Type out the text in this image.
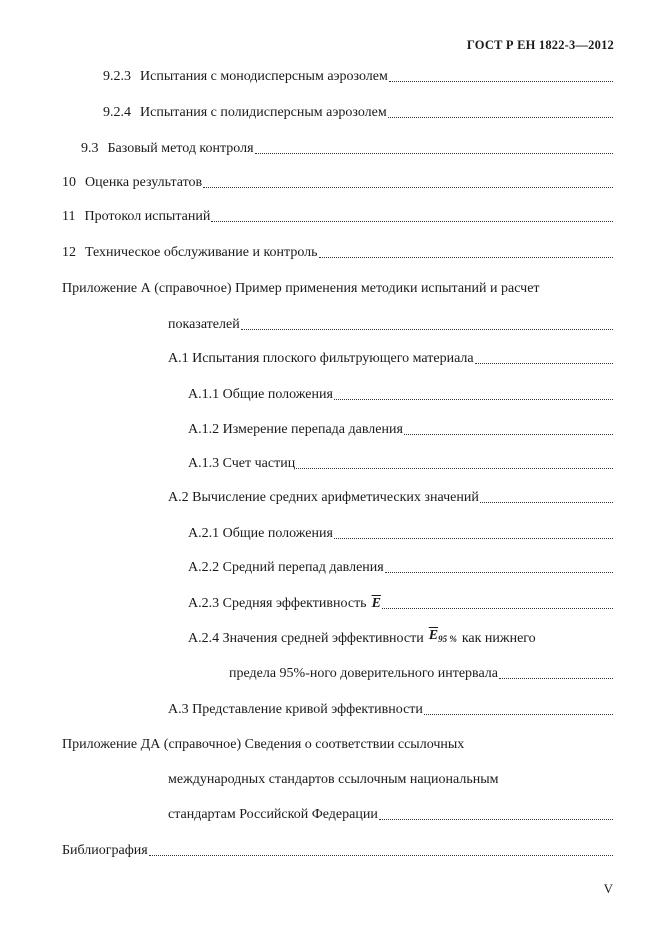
ГОСТ Р ЕН 1822-3—2012
9.2.3 Испытания с монодисперсным аэрозолем
9.2.4 Испытания с полидисперсным аэрозолем
9.3 Базовый метод контроля
10 Оценка результатов
11 Протокол испытаний
12 Техническое обслуживание и контроль
Приложение А (справочное) Пример применения методики испытаний и расчет
показателей
А.1 Испытания плоского фильтрующего материала
А.1.1 Общие положения
А.1.2 Измерение перепада давления
А.1.3 Счет частиц
А.2 Вычисление средних арифметических значений
А.2.1 Общие положения
А.2.2 Средний перепад давления
А.2.3 Средняя эффективность $\overline{E}$
А.2.4 Значения средней эффективности $\overline{E}_{95 \%}$ как нижнего
предела 95%-ного доверительного интервала
А.3 Представление кривой эффективности
Приложение ДА (справочное) Сведения о соответствии ссылочных
международных стандартов ссылочным национальным
стандартам Российской Федерации
Библиография
V
